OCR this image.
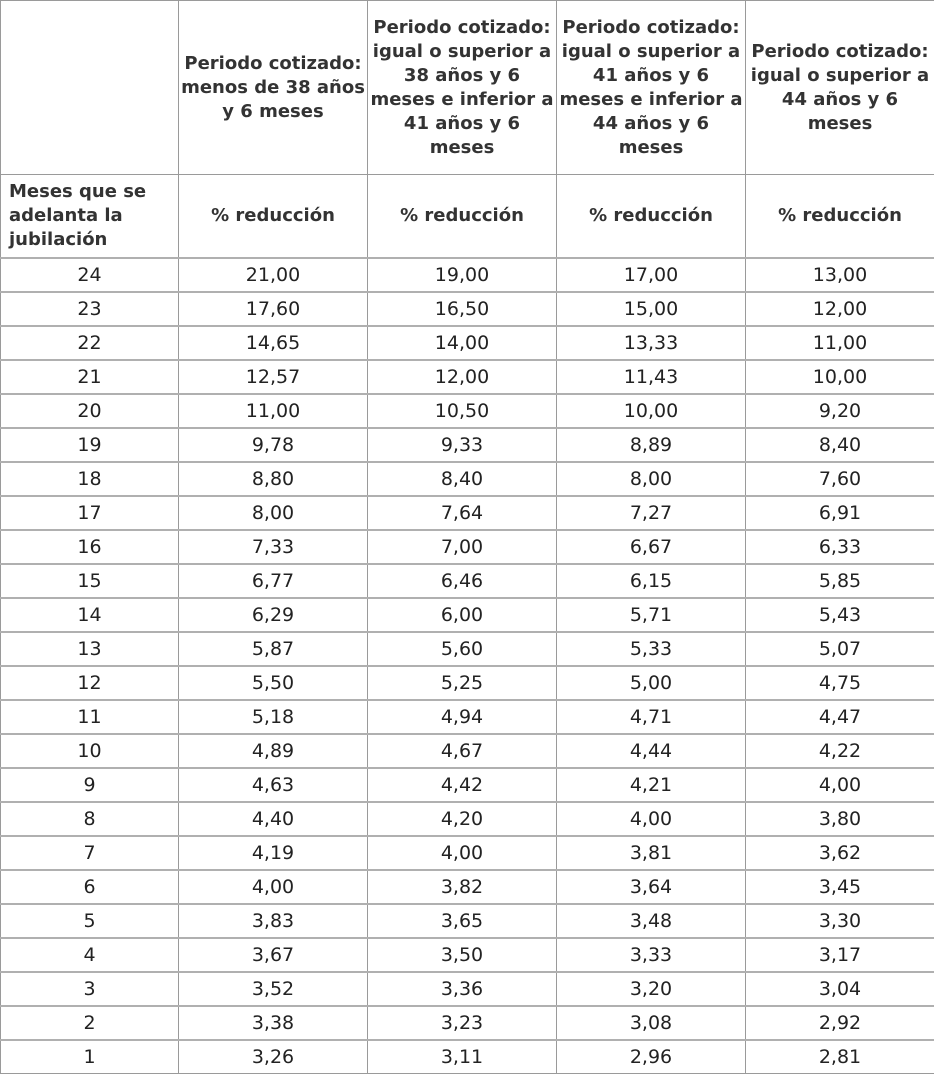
	Periodo cotizado: menos de 38 años y 6 meses	Periodo cotizado: igual o superior a 38 años y 6 meses e inferior a 41 años y 6 meses	Periodo cotizado: igual o superior a 41 años y 6 meses e inferior a 44 años y 6 meses	Periodo cotizado: igual o superior a 44 años y 6 meses
Meses que se adelanta la jubilación	% reducción	% reducción	% reducción	% reducción
24	21,00	19,00	17,00	13,00
23	17,60	16,50	15,00	12,00
22	14,65	14,00	13,33	11,00
21	12,57	12,00	11,43	10,00
20	11,00	10,50	10,00	9,20
19	9,78	9,33	8,89	8,40
18	8,80	8,40	8,00	7,60
17	8,00	7,64	7,27	6,91
16	7,33	7,00	6,67	6,33
15	6,77	6,46	6,15	5,85
14	6,29	6,00	5,71	5,43
13	5,87	5,60	5,33	5,07
12	5,50	5,25	5,00	4,75
11	5,18	4,94	4,71	4,47
10	4,89	4,67	4,44	4,22
9	4,63	4,42	4,21	4,00
8	4,40	4,20	4,00	3,80
7	4,19	4,00	3,81	3,62
6	4,00	3,82	3,64	3,45
5	3,83	3,65	3,48	3,30
4	3,67	3,50	3,33	3,17
3	3,52	3,36	3,20	3,04
2	3,38	3,23	3,08	2,92
1	3,26	3,11	2,96	2,81
